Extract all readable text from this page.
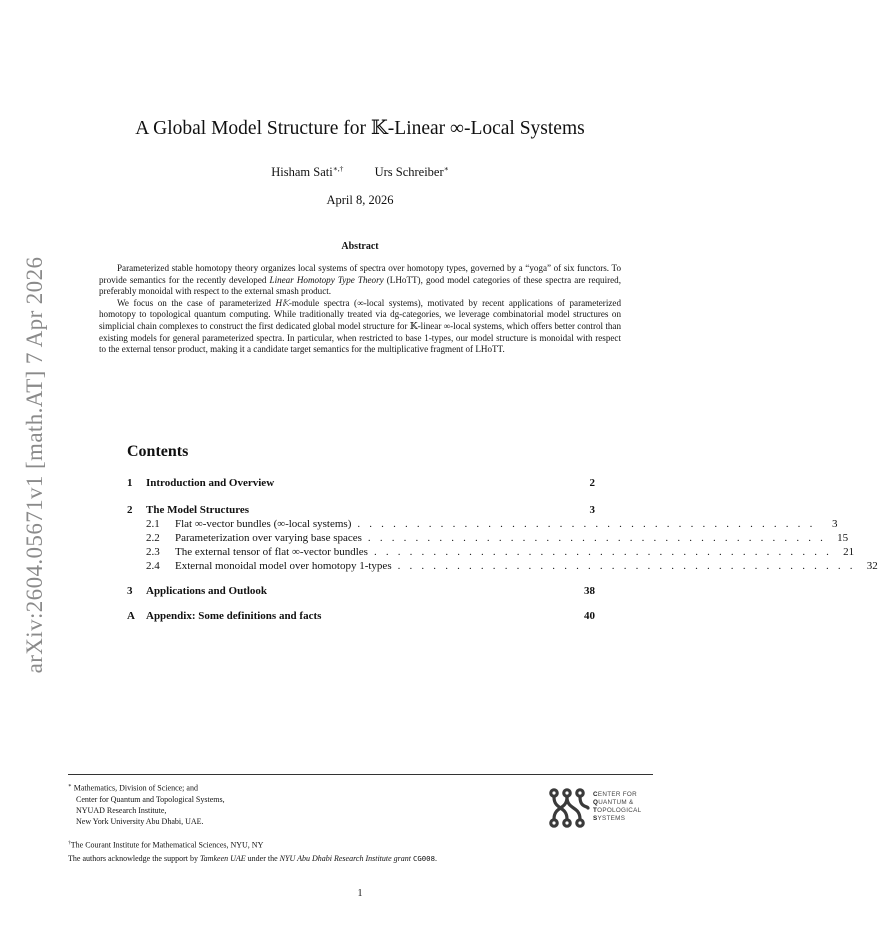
arXiv:2604.05671v1 [math.AT] 7 Apr 2026
A Global Model Structure for 𝕂-Linear ∞-Local Systems
Hisham Sati∗,† Urs Schreiber∗
April 8, 2026
Abstract

Parameterized stable homotopy theory organizes local systems of spectra over homotopy types, governed by a “yoga” of six functors. To provide semantics for the recently developed Linear Homotopy Type Theory (LHoTT), good model categories of these spectra are required, preferably monoidal with respect to the external smash product.

We focus on the case of parameterized H𝕂-module spectra (∞-local systems), motivated by recent applications of parameterized homotopy to topological quantum computing. While traditionally treated via dg-categories, we leverage combinatorial model structures on simplicial chain complexes to construct the first dedicated global model structure for 𝕂-linear ∞-local systems, which offers better control than existing models for general parameterized spectra. In particular, when restricted to base 1-types, our model structure is monoidal with respect to the external tensor product, making it a candidate target semantics for the multiplicative fragment of LHoTT.

Contents
1	Introduction and Overview	2
2	The Model Structures	3
2.1	Flat ∞-vector bundles (∞-local systems) . . . . . . . . . . . . . . . . . . . . . . . . . . . . . . . . . . . . . . .	3
2.2	Parameterization over varying base spaces . . . . . . . . . . . . . . . . . . . . . . . . . . . . . . . . . . . . . . .	15
2.3	The external tensor of flat ∞-vector bundles . . . . . . . . . . . . . . . . . . . . . . . . . . . . . . . . . . . . . . .	21
2.4	External monoidal model over homotopy 1-types . . . . . . . . . . . . . . . . . . . . . . . . . . . . . . . . . . . . . . .	32
3	Applications and Outlook	38
A	Appendix: Some definitions and facts	40
∗ Mathematics, Division of Science; and
Center for Quantum and Topological Systems,
NYUAD Research Institute,
New York University Abu Dhabi, UAE.
†The Courant Institute for Mathematical Sciences, NYU, NY
The authors acknowledge the support by Tamkeen UAE under the NYU Abu Dhabi Research Institute grant CG008.
CENTER FOR
QUANTUM &
TOPOLOGICAL
SYSTEMS
1
